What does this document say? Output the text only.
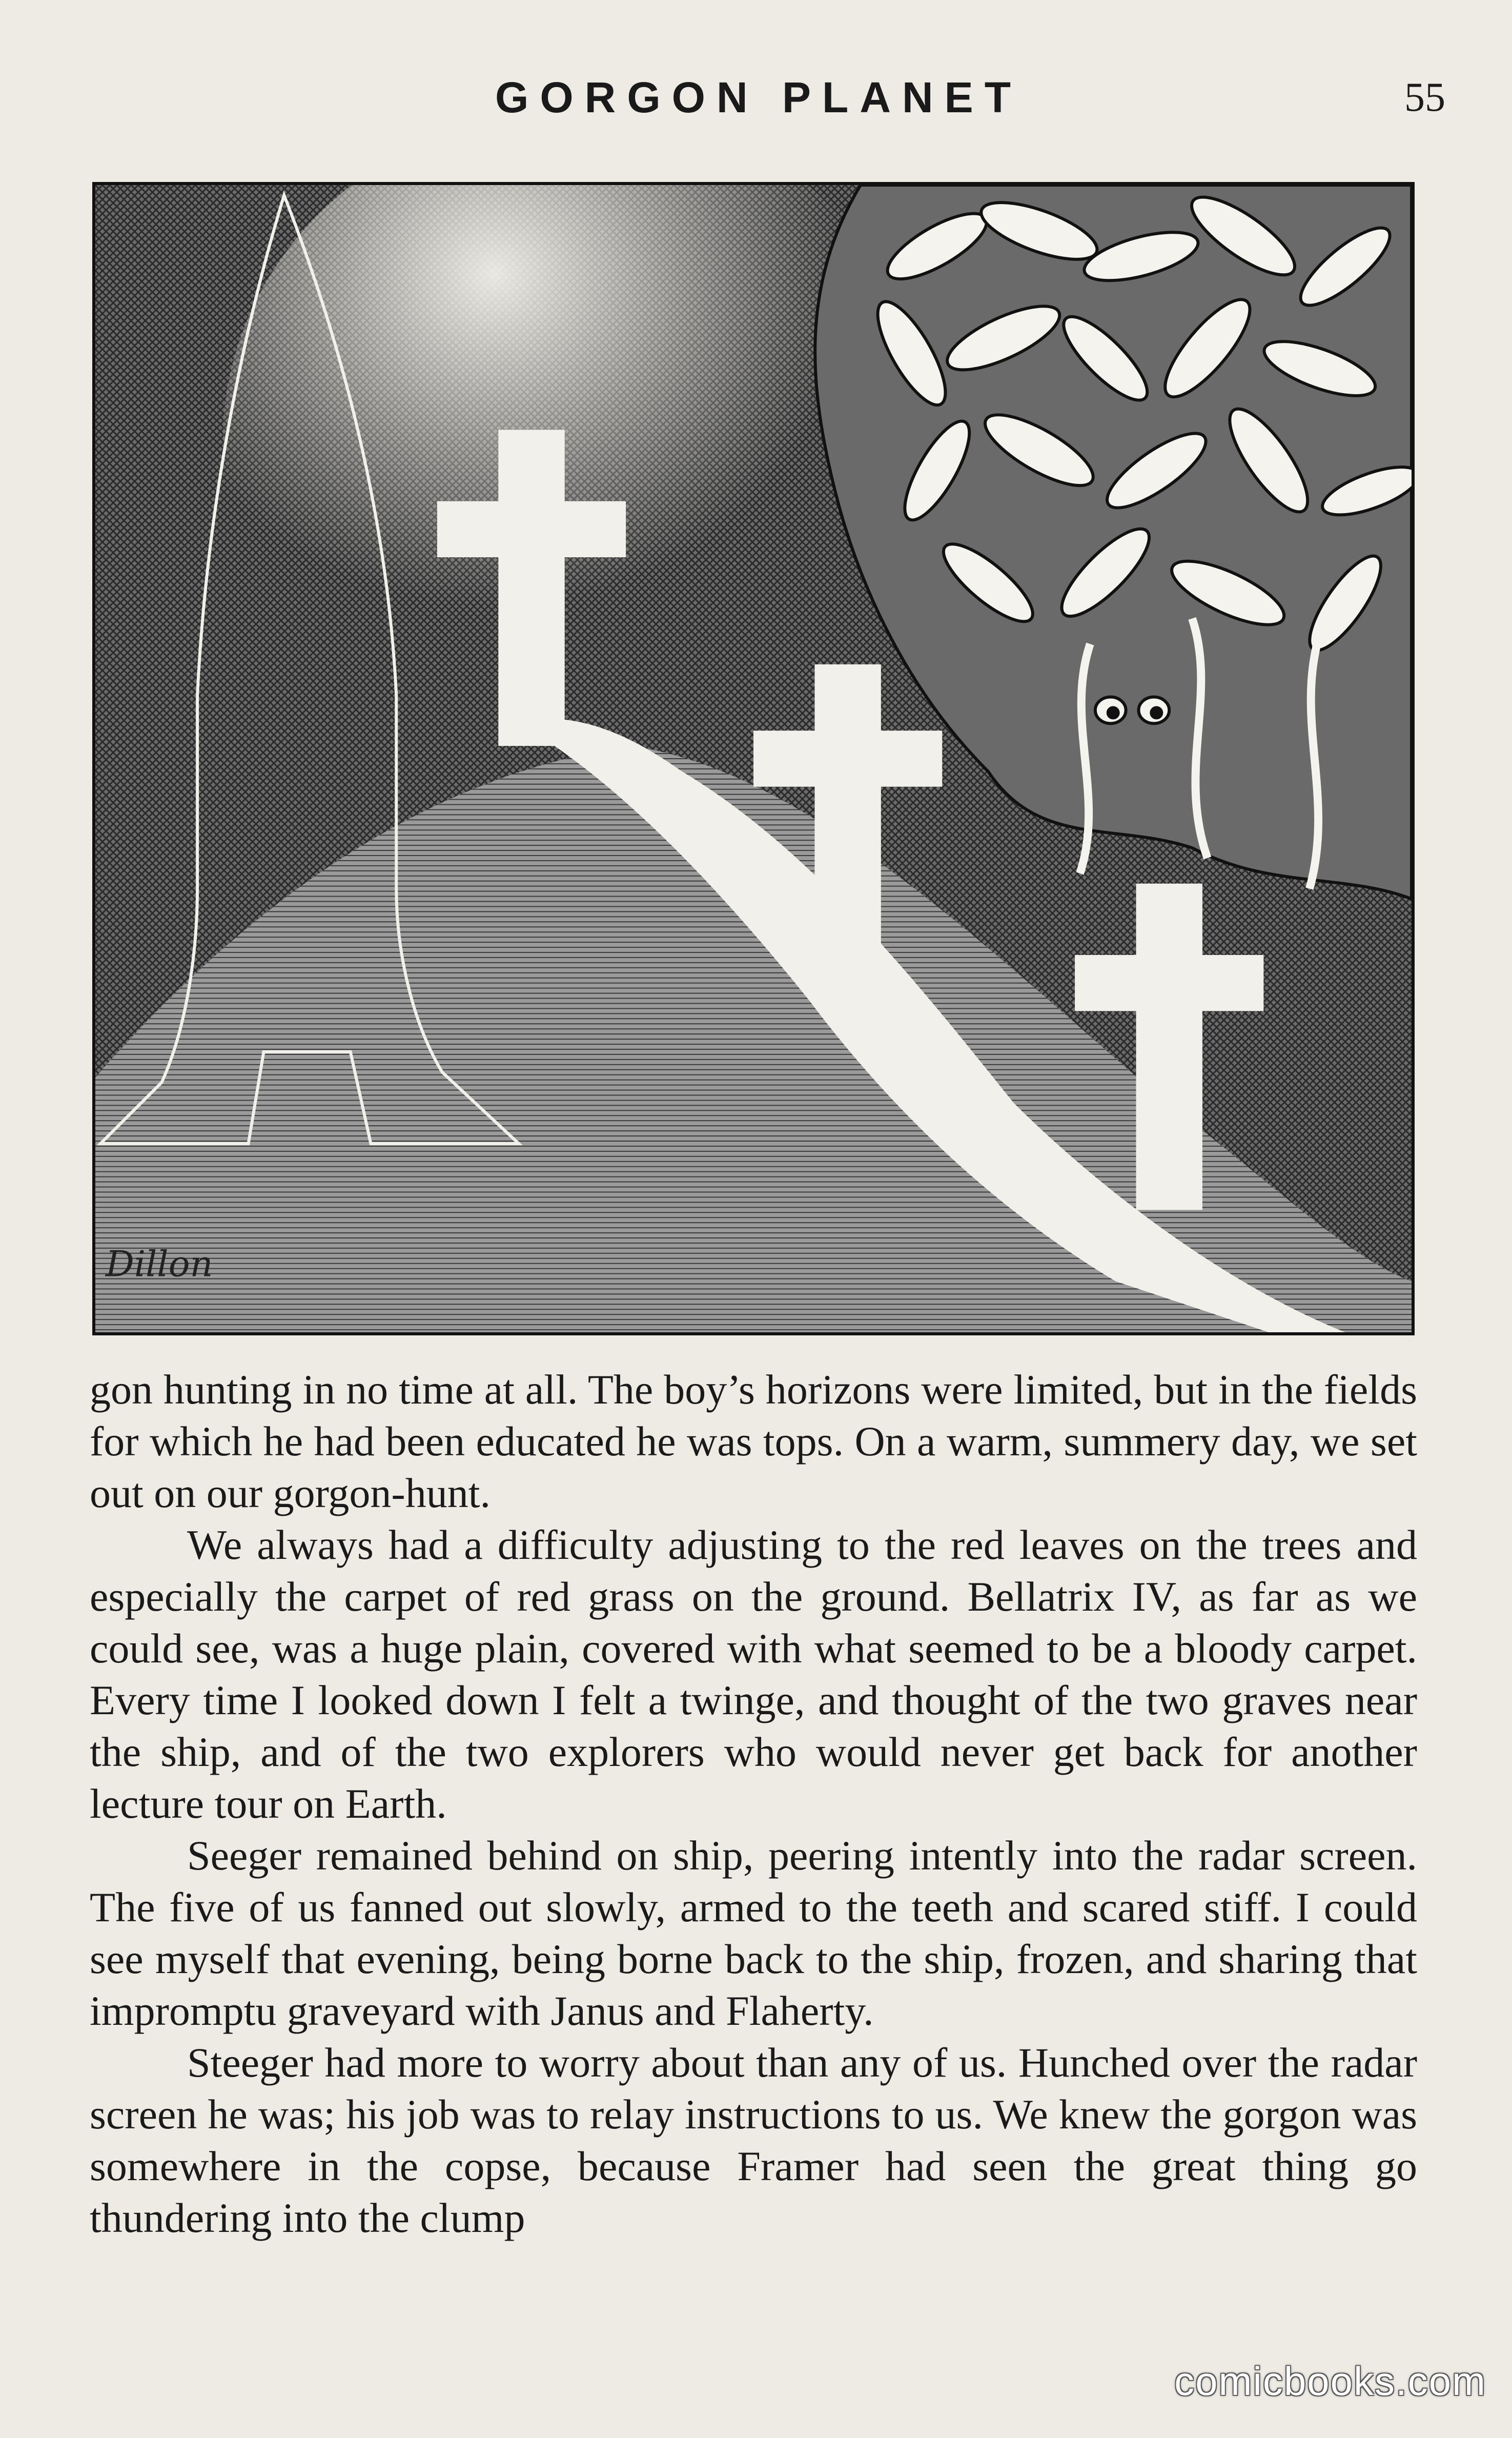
GORGON PLANET	55
Dillon

gon hunting in no time at all. The boy’s horizons were limited, but in the fields for which he had been educated he was tops. On a warm, summery day, we set out on our gorgon-hunt.

We always had a difficulty adjusting to the red leaves on the trees and especially the carpet of red grass on the ground. Bellatrix IV, as far as we could see, was a huge plain, covered with what seemed to be a bloody carpet. Every time I looked down I felt a twinge, and thought of the two graves near the ship, and of the two explorers who would never get back for another lecture tour on Earth.

Seeger remained behind on ship, peering intently into the radar screen. The five of us fanned out slowly, armed to the teeth and scared stiff. I could see myself that evening, being borne back to the ship, frozen, and sharing that impromptu graveyard with Janus and Flaherty.

Steeger had more to worry about than any of us. Hunched over the radar screen he was; his job was to relay instructions to us. We knew the gorgon was somewhere in the copse, because Framer had seen the great thing go thundering into the clump

comicbooks.com
